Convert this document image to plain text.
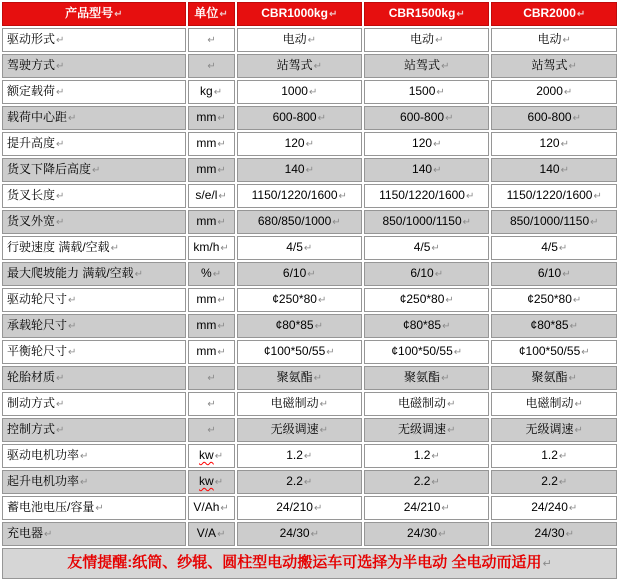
产品型号↵	单位↵	CBR1000kg↵	CBR1500kg↵	CBR2000↵
驱动形式↵	↵	电动↵	电动↵	电动↵
驾驶方式↵	↵	站驾式↵	站驾式↵	站驾式↵
额定载荷↵	kg↵	1000↵	1500↵	2000↵
载荷中心距↵	mm↵	600-800↵	600-800↵	600-800↵
提升高度↵	mm↵	120↵	120↵	120↵
货叉下降后高度↵	mm↵	140↵	140↵	140↵
货叉长度↵	s/e/l↵	1150/1220/1600↵	1150/1220/1600↵	1150/1220/1600↵
货叉外宽↵	mm↵	680/850/1000↵	850/1000/1150↵	850/1000/1150↵
行驶速度 满载/空载↵	km/h↵	4/5↵	4/5↵	4/5↵
最大爬坡能力 满载/空载↵	%↵	6/10↵	6/10↵	6/10↵
驱动轮尺寸↵	mm↵	¢250*80↵	¢250*80↵	¢250*80↵
承载轮尺寸↵	mm↵	¢80*85↵	¢80*85↵	¢80*85↵
平衡轮尺寸↵	mm↵	¢100*50/55↵	¢100*50/55↵	¢100*50/55↵
轮胎材质↵	↵	聚氨酯↵	聚氨酯↵	聚氨酯↵
制动方式↵	↵	电磁制动↵	电磁制动↵	电磁制动↵
控制方式↵	↵	无级调速↵	无级调速↵	无级调速↵
驱动电机功率↵	kw↵	1.2↵	1.2↵	1.2↵
起升电机功率↵	kw↵	2.2↵	2.2↵	2.2↵
蓄电池电压/容量↵	V/Ah↵	24/210↵	24/210↵	24/240↵
充电器↵	V/A↵	24/30↵	24/30↵	24/30↵
友情提醒:纸筒、纱辊、圆柱型电动搬运车可选择为半电动 全电动而适用↵				
